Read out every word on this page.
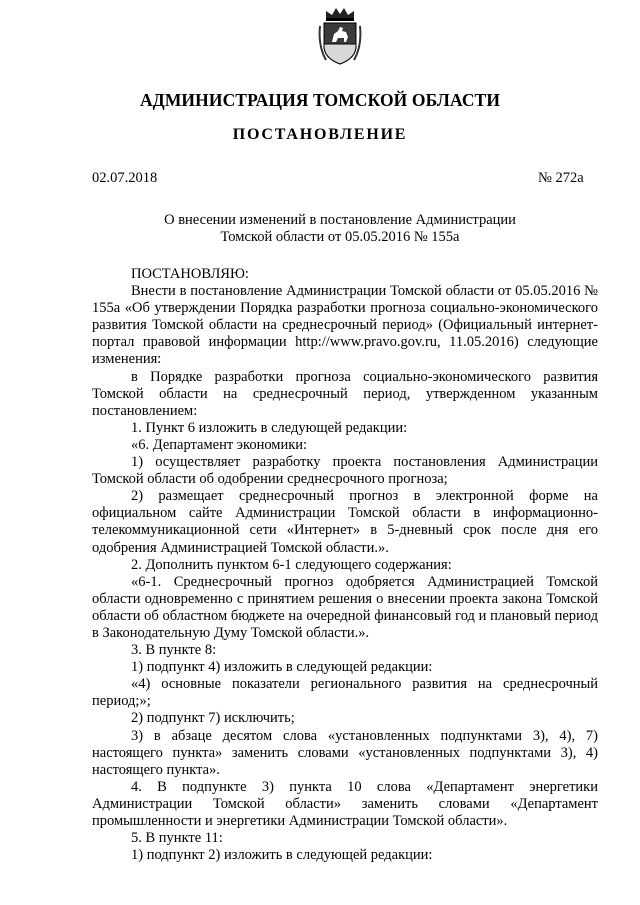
АДМИНИСТРАЦИЯ ТОМСКОЙ ОБЛАСТИ
ПОСТАНОВЛЕНИЕ
02.07.2018	№ 272а
О внесении изменений в постановление Администрации
Томской области от 05.05.2016 № 155а

ПОСТАНОВЛЯЮ:

Внести в постановление Администрации Томской области от 05.05.2016 № 155а «Об утверждении Порядка разработки прогноза социально-экономического развития Томской области на среднесрочный период» (Официальный интернет-портал правовой информации http://www.pravo.gov.ru, 11.05.2016) следующие изменения:

в Порядке разработки прогноза социально-экономического развития Томской области на среднесрочный период, утвержденном указанным постановлением:

1. Пункт 6 изложить в следующей редакции:

«6. Департамент экономики:

1) осуществляет разработку проекта постановления Администрации Томской области об одобрении среднесрочного прогноза;

2) размещает среднесрочный прогноз в электронной форме на официальном сайте Администрации Томской области в информационно-телекоммуникационной сети «Интернет» в 5-дневный срок после дня его одобрения Администрацией Томской области.».

2. Дополнить пунктом 6-1 следующего содержания:

«6-1. Среднесрочный прогноз одобряется Администрацией Томской области одновременно с принятием решения о внесении проекта закона Томской области об областном бюджете на очередной финансовый год и плановый период в Законодательную Думу Томской области.».

3. В пункте 8:

1) подпункт 4) изложить в следующей редакции:

«4) основные показатели регионального развития на среднесрочный период;»;

2) подпункт 7) исключить;

3) в абзаце десятом слова «установленных подпунктами 3), 4), 7) настоящего пункта» заменить словами «установленных подпунктами 3), 4) настоящего пункта».

4. В подпункте 3) пункта 10 слова «Департамент энергетики Администрации Томской области» заменить словами «Департамент промышленности и энергетики Администрации Томской области».

5. В пункте 11:

1) подпункт 2) изложить в следующей редакции:
